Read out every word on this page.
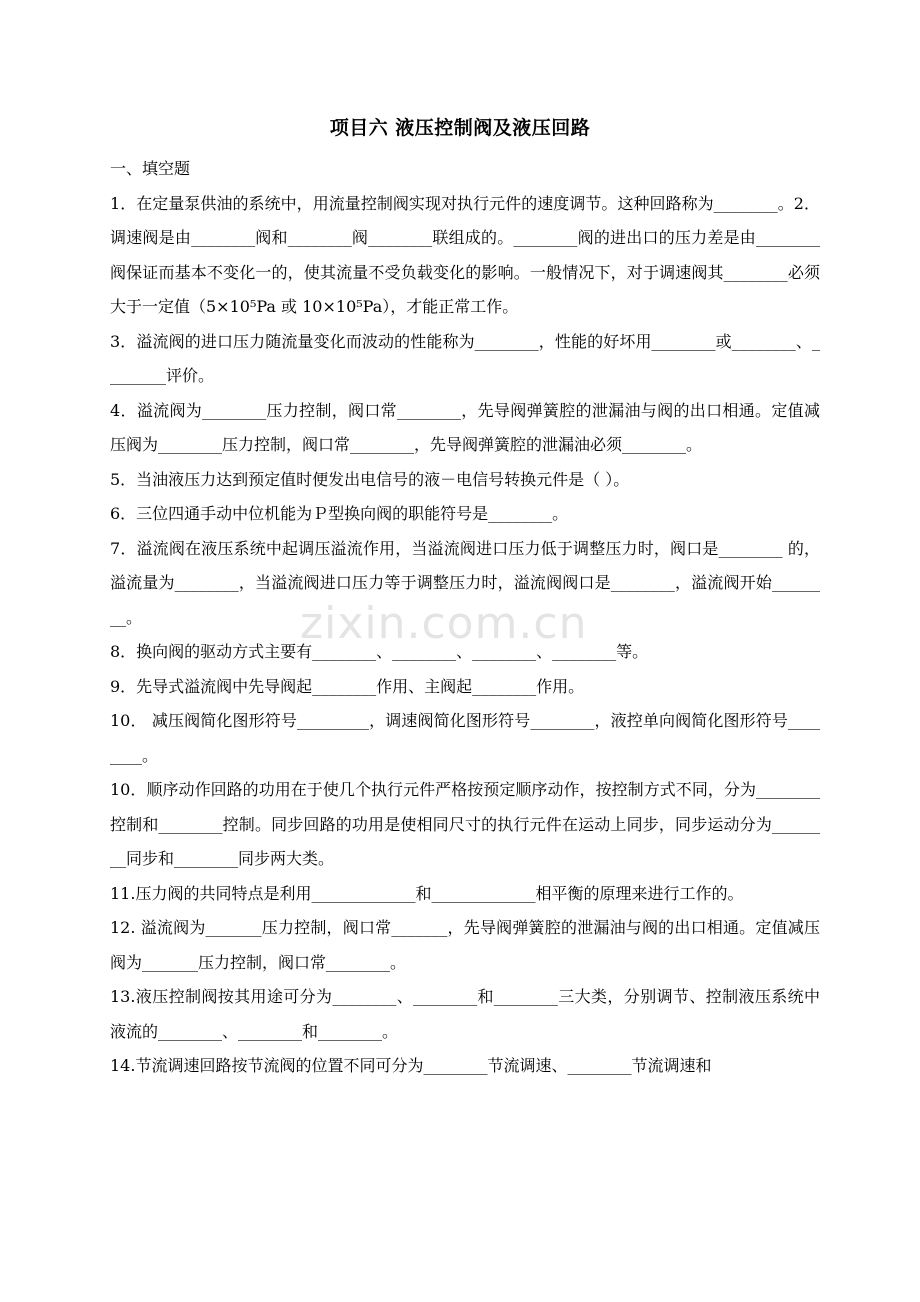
zixin.com.cn
项目六 液压控制阀及液压回路

一、填空题

1．在定量泵供油的系统中，用流量控制阀实现对执行元件的速度调节。这种回路称为________。2．调速阀是由________阀和________阀________联组成的。________阀的进出口的压力差是由________阀保证而基本不变化一的，使其流量不受负载变化的影响。一般情况下，对于调速阀其________必须大于一定值（5×10⁵Pa 或 10×10⁵Pa），才能正常工作。

3．溢流阀的进口压力随流量变化而波动的性能称为________，性能的好坏用________或________、________评价。

4．溢流阀为________压力控制，阀口常________，先导阀弹簧腔的泄漏油与阀的出口相通。定值减压阀为________压力控制，阀口常________，先导阀弹簧腔的泄漏油必须________。

5．当油液压力达到预定值时便发出电信号的液－电信号转换元件是（ ）。

6．三位四通手动中位机能为Ｐ型换向阀的职能符号是________。

7．溢流阀在液压系统中起调压溢流作用，当溢流阀进口压力低于调整压力时，阀口是________ 的，溢流量为________，当溢流阀进口压力等于调整压力时，溢流阀阀口是________，溢流阀开始________。

8．换向阀的驱动方式主要有________、________、________、________等。

9．先导式溢流阀中先导阀起________作用、主阀起________作用。

10． 减压阀简化图形符号_________，调速阀简化图形符号________，液控单向阀简化图形符号________。

10．顺序动作回路的功用在于使几个执行元件严格按预定顺序动作，按控制方式不同，分为________控制和________控制。同步回路的功用是使相同尺寸的执行元件在运动上同步，同步运动分为________同步和________同步两大类。

11.压力阀的共同特点是利用_____________和_____________相平衡的原理来进行工作的。

12. 溢流阀为_______压力控制，阀口常_______，先导阀弹簧腔的泄漏油与阀的出口相通。定值减压阀为_______压力控制，阀口常________。

13.液压控制阀按其用途可分为________、________和________三大类，分别调节、控制液压系统中液流的________、________和________。

14.节流调速回路按节流阀的位置不同可分为________节流调速、________节流调速和
